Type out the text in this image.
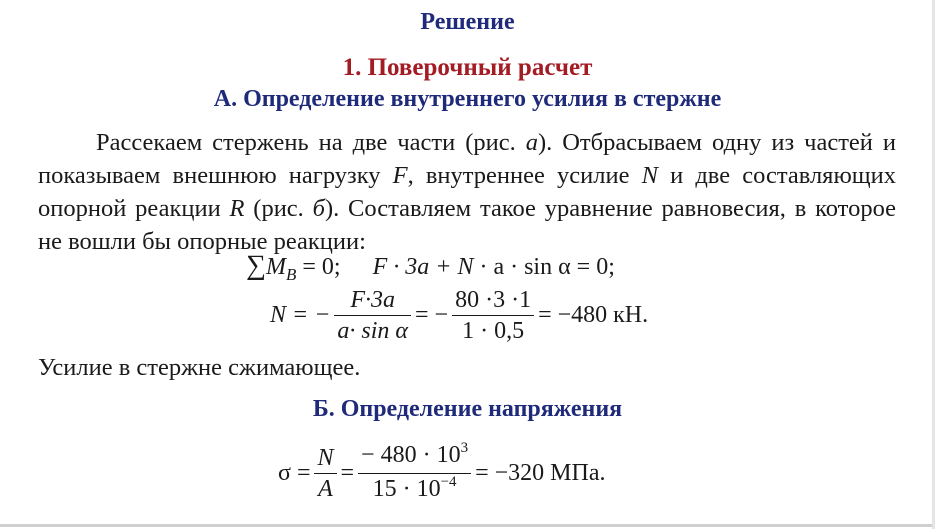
Решение
1. Поверочный расчет
А. Определение внутреннего усилия в стержне
Рассекаем стержень на две части (рис. а). Отбрасываем одну из частей и показываем внешнюю нагрузку F, внутреннее усилие N и две составляющих опорной реакции R (рис. б). Составляем такое уравнение равновесия, в которое не вошли бы опорные реакции:
$\sum M_B = 0$; F · 3a + N · a · sin α = 0;
N = − $\frac{F\cdot 3a}{\text{a· sin α}}$ = − $\frac{80 \cdot 3 \cdot 1}{1 \cdot 0,5} = -480$ кН.
Усилие в стержне сжимающее.
Б. Определение напряжения
$\sigma = \frac{N}{A} = \frac{- 480 \cdot 10^3}{15 \cdot 10^{-4}} = -320$ МПа.
